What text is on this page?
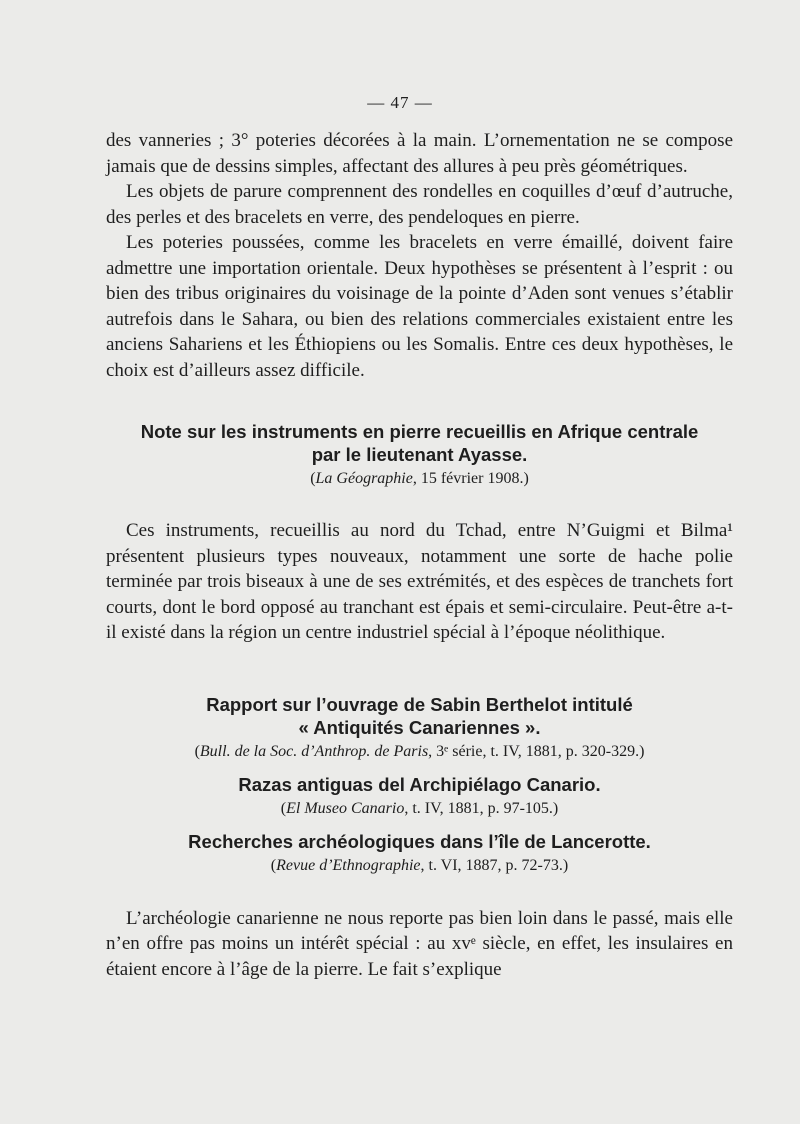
— 47 —

des vanneries ; 3° poteries décorées à la main. L’ornementation ne se compose jamais que de dessins simples, affectant des allures à peu près géométriques.

Les objets de parure comprennent des rondelles en coquilles d’œuf d’autruche, des perles et des bracelets en verre, des pendeloques en pierre.

Les poteries poussées, comme les bracelets en verre émaillé, doivent faire admettre une importation orientale. Deux hypothèses se présentent à l’esprit : ou bien des tribus originaires du voisinage de la pointe d’Aden sont venues s’établir autrefois dans le Sahara, ou bien des relations commerciales existaient entre les anciens Sahariens et les Éthiopiens ou les Somalis. Entre ces deux hypothèses, le choix est d’ailleurs assez difficile.

Note sur les instruments en pierre recueillis en Afrique centrale
par le lieutenant Ayasse.
(La Géographie, 15 février 1908.)

Ces instruments, recueillis au nord du Tchad, entre N’Guigmi et Bilma¹ présentent plusieurs types nouveaux, notamment une sorte de hache polie terminée par trois biseaux à une de ses extrémités, et des espèces de tranchets fort courts, dont le bord opposé au tranchant est épais et semi-circulaire. Peut-être a-t-il existé dans la région un centre industriel spécial à l’époque néolithique.

Rapport sur l’ouvrage de Sabin Berthelot intitulé
« Antiquités Canariennes ».
(Bull. de la Soc. d’Anthrop. de Paris, 3ᵉ série, t. IV, 1881, p. 320-329.)
Razas antiguas del Archipiélago Canario.
(El Museo Canario, t. IV, 1881, p. 97-105.)
Recherches archéologiques dans l’île de Lancerotte.
(Revue d’Ethnographie, t. VI, 1887, p. 72-73.)

L’archéologie canarienne ne nous reporte pas bien loin dans le passé, mais elle n’en offre pas moins un intérêt spécial : au xvᵉ siècle, en effet, les insulaires en étaient encore à l’âge de la pierre. Le fait s’explique
